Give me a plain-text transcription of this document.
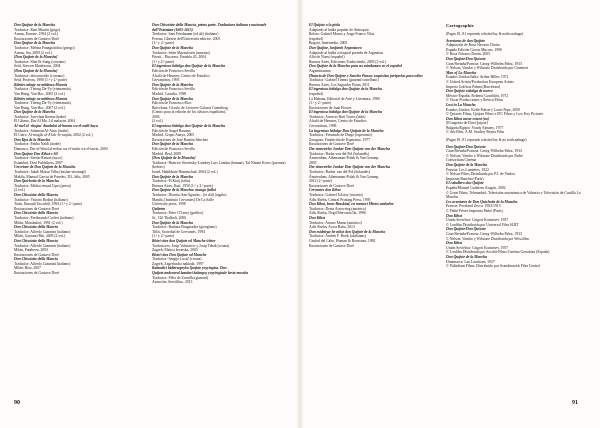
Don Quijote de la Mancha
Traductor: Kim Mautin (grigo)
Armas, Ensone, 1994 (2 vol.)
Ilustraciones de Gustave Doré
Don Quijote de la Mancha
Traductor: Melina Panagiotidou (griego)
Armas, Sia, 2009 (2 vol.)
[Don Quijote de la Mancha]
Traductor: Shin Ik-Sung (coreano)
Seúl, Siewon Munhwasa, 2004
[Don Quijote de la Mancha]
Traductor: desconocido (coreano)
Seúl, Poseron, 1990 (1.ª y 2.ª parte)
Ktleties mbuje ne mbthora Mancia
Traductor: Tteong Da-Vy (vietnamita)
Van Hung, Van Hoc, 2005 (2 vol.)
Ktleties mbuje ne mbthora Mancia
Traductor: Tteong Da-Vy (vietnamita)
Van Hung, Van Hoc, 2007 (2 vol.)
Don Quijote de la Mancha
Traductor: Jun-chun Ihemu (árabe)
El Líbano, Dar Al Ma. Lil malayin, 2004
Al-rael'al -shujaa' dundulat al-harma wa el-nabl-kayn
Traductor: Sulaman Al-Attar (árabe)
El Cairo, Al-maglis al-A'lah -le-saqafa, 2002 (2 vol.)
Don Kjot de la Mancha
Traductor: Fatiha Naïdi (árabe)
Damasco, Dar al-Wasil al-nobar wa el-nashr wa el-tawzi, 2004
Don Quijote Den Kihot o Sil
Traductor: Serdar Rimon (turco)
Estambul, Dost Publishers, 2007
Cercetare de Don Quijote de la Mancha
Traductor: Jakab Mazur Vilba (bashar-tavanngl)
Makila, Manual Garcia de Paredes, D.L.Silu, 2005
Don Quichotte de la Mancha
Traductor: Melisa ressad Cipri (persa)
(2 vol.)
Don Chisciotte della Mancia
Traductor: Vittorio Bodini (italiano)
Turín, Einaudi Tascabili, 1994 (1.ª y 2.ª parte)
Ilustraciones de Gustave Doré
Don Chisciotte della Mancia
Traductor: Ferdinando Carlesi (italiano)
Milán, Mondadori, 1991 (2 vol.)
Don Chisciotte della Mancia
Traductor: Alfredo Giannini (italiano)
Milán, Garzanti Biti, 2005 (2 vol.)
Don Chisciotte della Mancia
Traductor: Alfredo Giannini (italiano)
Milán, Pantheon, 2003
Ilustraciones de Gustave Doré
Don Chisciotte della Mancia
Traductor: Alfredo Giannini (italiano)
Milán, Rizz, 2007
Ilustraciones de Gustave Doré
Don Chisciotte della Mancia, primo parte. Traduzione italiana e nazionale dell'Ostentata (1605-1615)
Traductor: Sam Friedmann (ed alt) (italiano)
Perona, Librerie dell'Università editrice, 2005
(1.ª y 2.ª parte)
Don Quijote de la Mancha
Traductor: Setin Mazzulesen (rumano)
Pitesti – Bucarest, Paralela 45, 2004
(1.ª y 2.ª parte)
El ingenioso hidalgo don Quijote de la Mancha
Edición de Francisco Sevilla
Alcalá de Henares, Centro de Estudios
Cervantinos, 1993
Don Quijote de la Mancha
Edición de Francisco Sevilla
Madrid, Castalia, 1998
Don Quijote de la Mancha
Edición de Francisco Rico
Barcelona, Círculo de Lectores-Galaxia Gutenberg
(Centro para la edición de los clásicos españoles),
2004
(2 vol.)
El ingenioso hidalgo don Quijote de la Mancha
Edición de Angel Basanta
Madrid, Grupo Anaya, 2005
Ilustraciones de José Ramón Sánchez
Don Quijote de la Mancha
Edición de Francisco Sevilla
Madrid, Real, 2009
[Don Quijote de la Mancha]
Traductor: Beatrice Stavinsky-Landrey Luis Landau (human), Tal Niman Kross (poronia) (hebreo)
Israel, Hakibbutz Hameuchad, 2004 (2 vol.)
Don Quijote de la Mancha
Traductor: Pi Kiatj (taliu)
Buenos Aires, Ilsaf, 1950 (1.ª y 2.ª parte)
Don Quijote de la Mancha: manga (tallot
Traductor: Dioniso San Agustín... [et alii] (tagalo)
Manila, [Instituto Cervantes] De La Salle
University press, 1998
Quileten
Traductor: Peter O'Leary (gaélico)
Si., Clô Thalbolt, 2006
Don Quijote de la Mancha
Traductor: Barbara Bragaradze (georgiano)
Tiflis, Sociedad de Cervantes, 1994
(1.ª y 2.ª parte)
Bistri vitez don Quijote od Manche ichter
Traductores: Josip Valmarvic y Josip Tabak (croata)
Zagreb, Matica hrvatska, 2003
Bistri vitez Don Quijote od Manche
Traductor: Sergije Lucač (croata)
Zagreb, Zagrebacka naklada, 1997
Kalandici bidieraspryko Quijote yoyyingisa. Don
Quijote andeurral bandari kalanpsy yoyyingisale beste moseka
Traductor: Félix de Zornilla (guaraní)
Asunción, Servilibro, 2013
El Quijote a la piola
Adaptado al habla popular de Antioquia
Relato: Gabriel Mauro y Jorge Franco Vilas
(español)
Bogotá, Intermedio, 2005
Don Quijote, lunfardo Argentaceo
Adaptado al habla coloquial porteña de Argentina
Alfa de Nuest (español)
Buenos Aires, Ediciones Traduciendo, 2005 (2 vol.)
Don Quijote de la Mancha para no mindanaro en el español
Argentinazano
Historia de Don Quijote y Sancho Panza: exquisitas peripecias para niños
Traductor: Gabriel Tineno (guaraní/castellano)
Buenos Aires, Los Sagrados Paran, 2011
El ingenioso hidalgo don Quijote de la Mancha
(español)
La Habana, Editorial de Arte y Literatura, 1980
(1.ª y 2.ª parte)
Ilustraciones de Juan Brown
El ingenioso hidalgo don Quijote de la Mancha
Traductor: Asencio Buri Torres (latín)
Alcalá de Henares, Centro de Estudios
Cervantinos, 1998
La ingenioso hidalgo Don Quijote de la Mancha
Traductor: Fernando de Diego (esperanto)
Zaragoza, Fundación de Esperanto, 1977
Ilustraciones de Gustave Doré
Der sinnreiche Junker Don Quijote von der Mancha
Traductor: Barba von del Pol (holandés)
Ámsterdam, Athenaeum-Polak & Van Gennep,
2005
Der sinnreiche Junker Don Quijote von der Mancha
Traductor: Barber van del Pol (holandés)
Ámsterdam, Athenaeum-Polak & Van Gennep,
2012 (2.ª parte)
Ilustraciones de Gustave Doré
Cervantes don Kihot
Traductor: Gabriel Tolstoy (estonio)
Adis Abeba, Central Printing Press, 1995
Don Kihot, beno Braskind, en memori Mirtos amhañre
Traductor: Denis Arrowrieg (amárico)
Adis Abeba, Negd Mercanta Ila, 1996
Don Kihot
Traductor: Ataruo Mamo (amárico)
Adis Abeba, Acwa Baba, 2013
Don estdelego he nikot don Quijote de la Mancha
Traductor: Andrés F. Brzik (afrikáans)
Ciudad del Cabo, Human & Rousseau, 1982
Ilustraciones de Gustave Doré
Cartographie
(Pages 81, 81 reprends a droite/lay & noths nahage)
Aventuras de don Quijote
Adaptación de Rosa Navarro Durán
España Edición Gracia Mucato, 1980
© Rosa Navarro Durán, 2005
Don Quijote/Don Quixote
Gran Bretaña/Francia: Georg-Wilhelm Pabst, 1933
© Nelson, Vandor y Wilstone Distribuida por Cinemeri
Man of La Mancha
Estados Unidos/Italia: Arthur Hiller, 1972
© United Artists/Production European Artists
Imperio Gráficas Palma (Barcelona)
Don Quijote cabalga de nuevo
México-España: Roberto Gavaldón, 1972
© Oscar Producciones y Ibérica Films
Lost in La Mancha
Estados Unidos: Keith Fulton y Louis Pepe, 2000
© Quixote Films, Quijote Films e IFC Films y Low Key Pictures
Don Kihot meno exteni (no)
[El ingenio de Don Quijote]
Bulgaria/Egipto: Youdy Ejmony, 1977
© Arb Film, A.M. Studioy Reyna Film
(Pages 81, 81 reprends a droite/lay & no noth nahage)
Don Quijote/Don Quixote
Gran Bretaña/Francia: Georg-Wilhelm Pabst, 1933
© Nelson, Vandor y Wilstone Distribuida por Pathé
Consortium Cinéma
Don Quijote de la Mancha
Francia: Les Lumières, 1922
© Nelson Films Distribuida por P.J. de Vanloo
Imprenta Bauchet (París)
El caballero don Quijote
España/Manuel Gutiérrez Aragón, 2002
© Great Films, Telemadrid, Televisión autonómica de Valencia y Televisión de Castilla La Mancha
Les aventures de Don Quichotte de la Mancha
Francia: Peveland Zecca, 1903/1913
© Pathé Frères Imprenta Pathé (París)
Don Kihot
Unión Soviética: Grigori Kozintsev, 1957
© Lenfilm Distribuida por Universal Film SLRT
Don Quijote/Don Quixote
Gran Bretaña/Francia: Georg-Wilhelm Pabst, 1933
© Nelson, Vandor y Wilstone Distribuida por Wesofilm
Don Kihot
Unión Soviética: Grigori Kozintsev, 1957
© Lenfilm Distribuida por Société Films-Cinéma Gorodeau (España)
Don Quijote de la Mancha
Dinamarca: Lau Lauritzen, 1927
© Palladium Films. Distribuido por Scandinavisk Film Central
90	91
